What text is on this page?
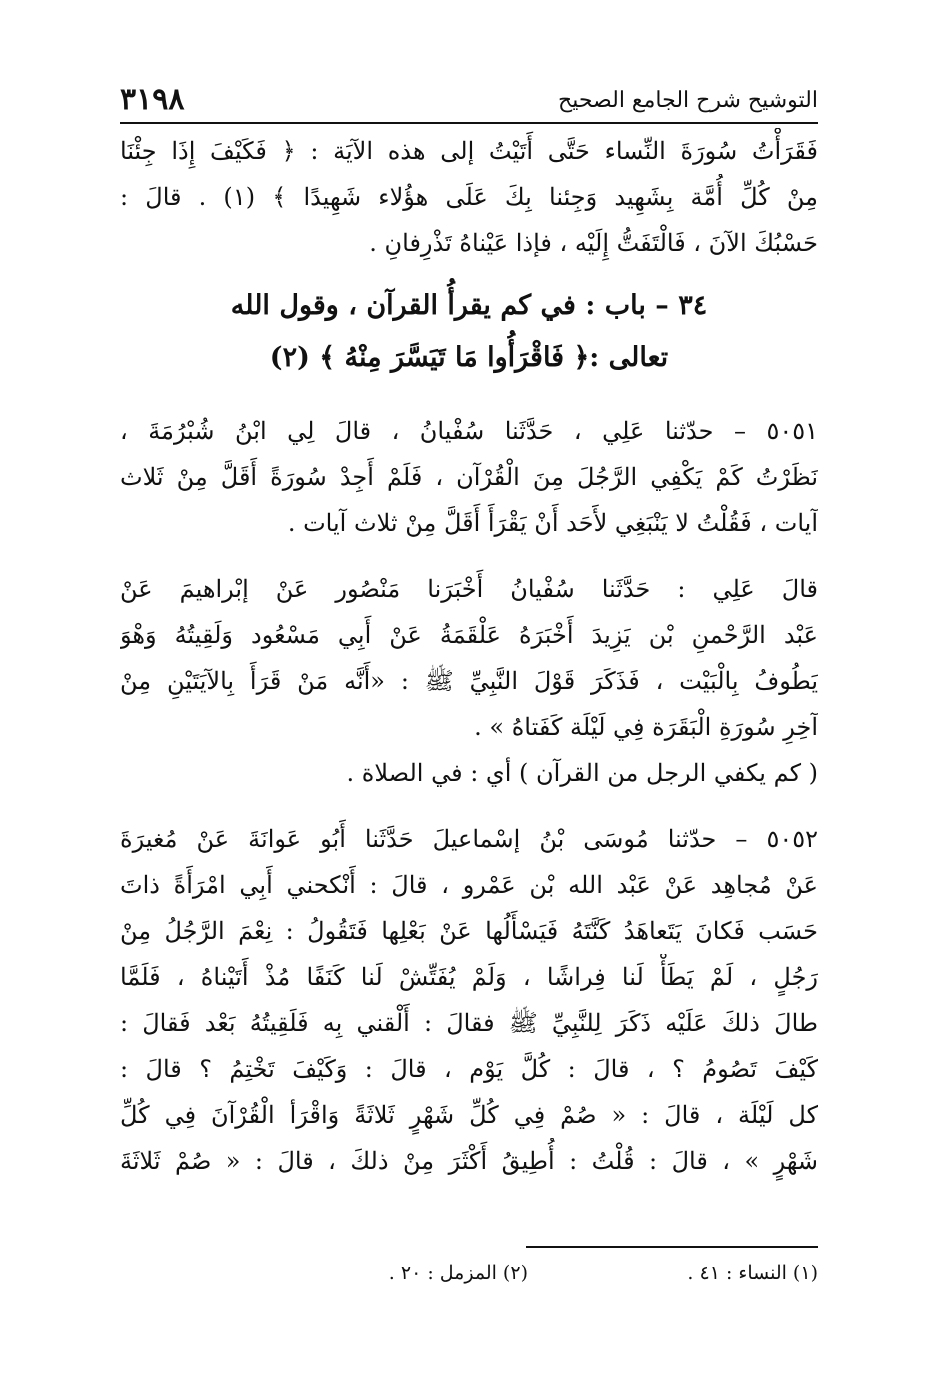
٣١٩٨	التوشيح شرح الجامع الصحيح

فَقَرَأْتُ سُورَةَ النِّساء حَتَّى أَتَيْتُ إلى هذه الآيَة : ﴿ فَكَيْفَ إِذَا جِئْنَا

مِنْ كُلِّ أُمَّة بِشَهِيد وَجِئنا بِكَ عَلَى هؤُلاء شَهِيدًا ﴾ (١) . قالَ :

حَسْبُكَ الآنَ ، فَالْتَفَتُّ إِلَيْه ، فإذا عَيْناهُ تَذْرِفانِ .

٣٤ – باب : في كم يقرأُ القرآن ، وقول الله

تعالى :﴿ فَاقْرَأُوا مَا تَيَسَّرَ مِنْهُ ﴾ (٢)

٥٠٥١ – حدّثنا عَلِي ، حَدَّثَنا سُفْيانُ ، قالَ لِي ابْنُ شُبْرُمَةَ ،

نَظَرْتُ كَمْ يَكْفِي الرَّجُلَ مِنَ الْقُرْآن ، فَلَمْ أَجِدْ سُورَةً أَقَلَّ مِنْ ثَلاث

آيات ، فَقُلْتُ لا يَنْبَغِي لأَحَد أَنْ يَقْرَأَ أَقَلَّ مِنْ ثلاث آيات .

قالَ عَلِي : حَدَّثَنا سُفْيانُ أَخْبَرَنا مَنْصُور عَنْ إبْراهيمَ عَنْ

عَبْد الرَّحْمنِ بْن يَزِيدَ أَخْبَرَهُ عَلْقَمَةُ عَنْ أَبِي مَسْعُود وَلَقِيتُهُ وَهْوَ

يَطُوفُ بِالْبَيْت ، فَذَكَرَ قَوْلَ النَّبِيِّ ﷺ : «أَنَّه مَنْ قَرَأَ بِالآيَتَيْنِ مِنْ

آخِرِ سُورَةِ الْبَقَرَة فِي لَيْلَة كَفَتاهُ » .

( كم يكفي الرجل من القرآن ) أي : في الصلاة .

٥٠٥٢ – حدّثنا مُوسَى بْنُ إسْماعيلَ حَدَّثَنا أَبُو عَوانَةَ عَنْ مُغيرَةَ

عَنْ مُجاهِد عَنْ عَبْد الله بْن عَمْرو ، قالَ : أَنْكحني أَبِي امْرَأَةً ذاتَ

حَسَب فَكانَ يَتَعاهَدُ كَنَّتَهُ فَيَسْأَلُها عَنْ بَعْلِها فَتَقُولُ : نِعْمَ الرَّجُلُ مِنْ

رَجُلٍ ، لَمْ يَطَأْ لَنا فِراشًا ، وَلَمْ يُفَتِّشْ لَنا كَنَفًا مُذْ أَتَيْناهُ ، فَلَمَّا

طالَ ذلكَ عَلَيْه ذَكَرَ لِلنَّبِيِّ ﷺ فقالَ : أَلْقني بِه فَلَقِيتُهُ بَعْد فَقالَ :

كَيْفَ تَصُومُ ؟ ، قالَ : كُلَّ يَوْم ، قالَ : وَكَيْفَ تَخْتِمُ ؟ قالَ :

كل لَيْلَة ، قالَ : « صُمْ فِي كُلِّ شَهْرٍ ثَلاثَةً وَاقْرَأ الْقُرْآنَ فِي كُلِّ

شَهْرٍ » ، قالَ : قُلْتُ : أُطِيقُ أَكْثَرَ مِنْ ذلكَ ، قالَ : « صُمْ ثَلاثَةَ

(١) النساء : ٤١ .
(٢) المزمل : ٢٠ .
